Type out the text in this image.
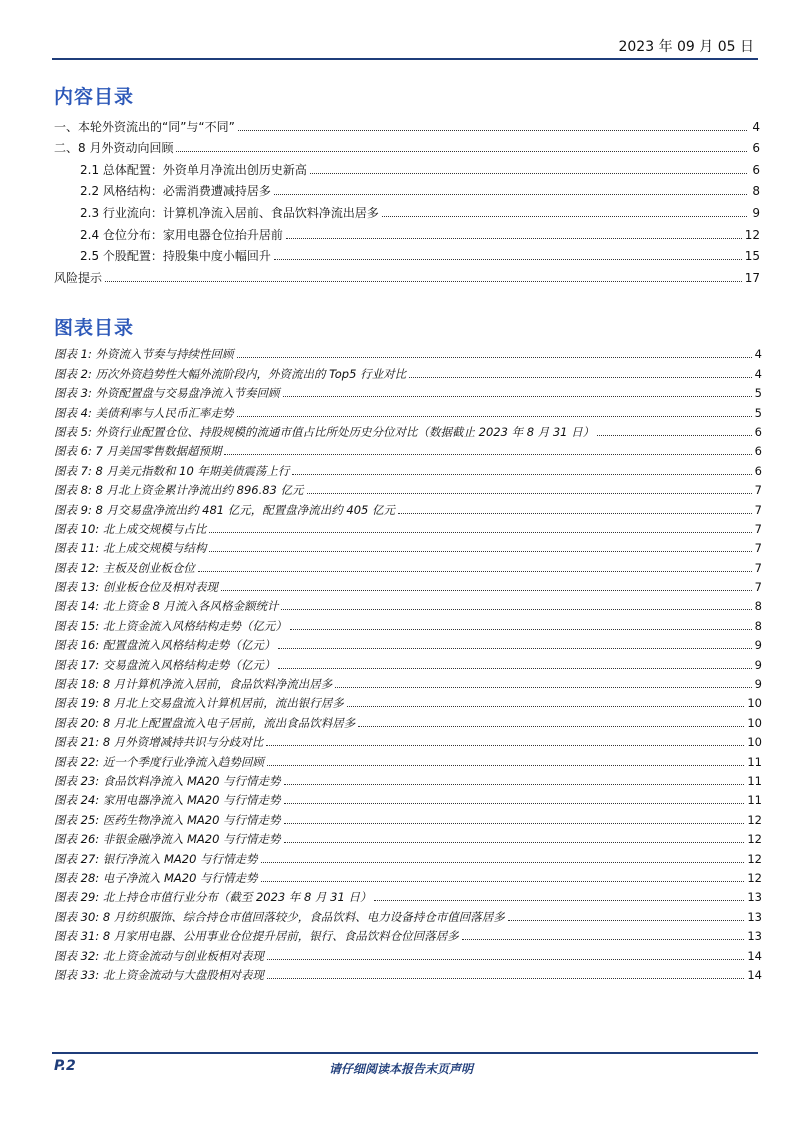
2023 年 09 月 05 日
内容目录
一、本轮外资流出的“同”与“不同”	4
二、8 月外资动向回顾	6
2.1 总体配置：外资单月净流出创历史新高	6
2.2 风格结构：必需消费遭减持居多	8
2.3 行业流向：计算机净流入居前、食品饮料净流出居多	9
2.4 仓位分布：家用电器仓位抬升居前	12
2.5 个股配置：持股集中度小幅回升	15
风险提示	17
图表目录
图表 1: 外资流入节奏与持续性回顾	4
图表 2: 历次外资趋势性大幅外流阶段内，外资流出的 Top5 行业对比	4
图表 3: 外资配置盘与交易盘净流入节奏回顾	5
图表 4: 美债利率与人民币汇率走势	5
图表 5: 外资行业配置仓位、持股规模的流通市值占比所处历史分位对比（数据截止 2023 年 8 月 31 日）	6
图表 6: 7 月美国零售数据超预期	6
图表 7: 8 月美元指数和 10 年期美债震荡上行	6
图表 8: 8 月北上资金累计净流出约 896.83 亿元	7
图表 9: 8 月交易盘净流出约 481 亿元，配置盘净流出约 405 亿元	7
图表 10: 北上成交规模与占比	7
图表 11: 北上成交规模与结构	7
图表 12: 主板及创业板仓位	7
图表 13: 创业板仓位及相对表现	7
图表 14: 北上资金 8 月流入各风格金额统计	8
图表 15: 北上资金流入风格结构走势（亿元）	8
图表 16: 配置盘流入风格结构走势（亿元）	9
图表 17: 交易盘流入风格结构走势（亿元）	9
图表 18: 8 月计算机净流入居前，食品饮料净流出居多	9
图表 19: 8 月北上交易盘流入计算机居前，流出银行居多	10
图表 20: 8 月北上配置盘流入电子居前，流出食品饮料居多	10
图表 21: 8 月外资增减持共识与分歧对比	10
图表 22: 近一个季度行业净流入趋势回顾	11
图表 23: 食品饮料净流入 MA20 与行情走势	11
图表 24: 家用电器净流入 MA20 与行情走势	11
图表 25: 医药生物净流入 MA20 与行情走势	12
图表 26: 非银金融净流入 MA20 与行情走势	12
图表 27: 银行净流入 MA20 与行情走势	12
图表 28: 电子净流入 MA20 与行情走势	12
图表 29: 北上持仓市值行业分布（截至 2023 年 8 月 31 日）	13
图表 30: 8 月纺织服饰、综合持仓市值回落较少，食品饮料、电力设备持仓市值回落居多	13
图表 31: 8 月家用电器、公用事业仓位提升居前，银行、食品饮料仓位回落居多	13
图表 32: 北上资金流动与创业板相对表现	14
图表 33: 北上资金流动与大盘股相对表现	14
P.2	请仔细阅读本报告末页声明
